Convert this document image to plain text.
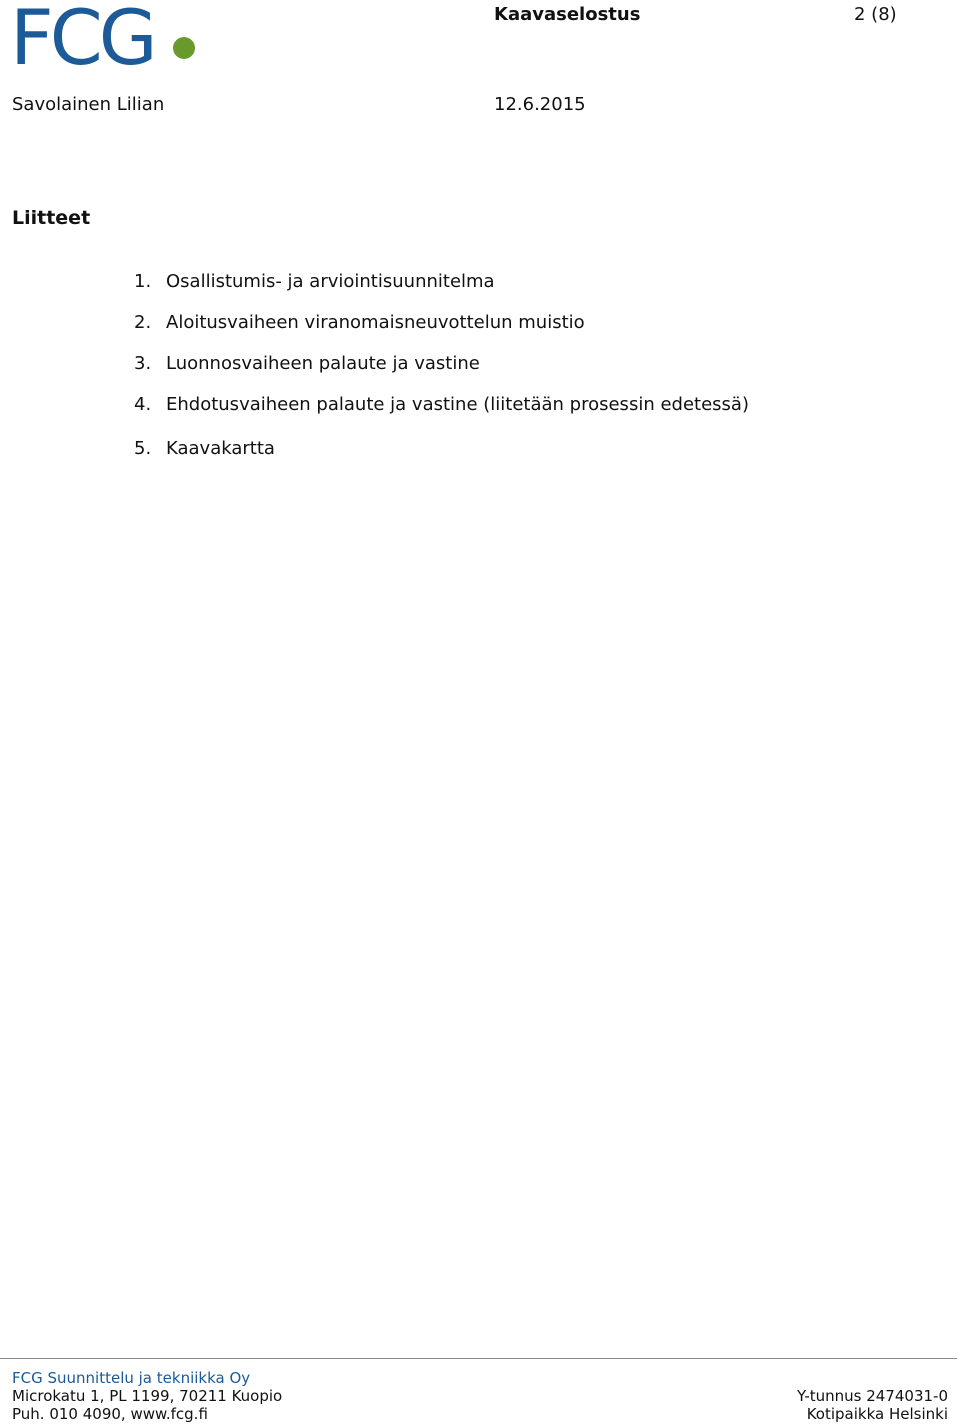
FCG	Kaavaselostus	2 (8)
Savolainen Lilian	12.6.2015
Liitteet
1. Osallistumis- ja arviointisuunnitelma
2. Aloitusvaiheen viranomaisneuvottelun muistio
3. Luonnosvaiheen palaute ja vastine
4. Ehdotusvaiheen palaute ja vastine (liitetään prosessin edetessä)
5. Kaavakartta
FCG Suunnittelu ja tekniikka Oy
Microkatu 1, PL 1199, 70211 Kuopio
Puh. 010 4090, www.fcg.fi
Y-tunnus 2474031-0
Kotipaikka Helsinki
